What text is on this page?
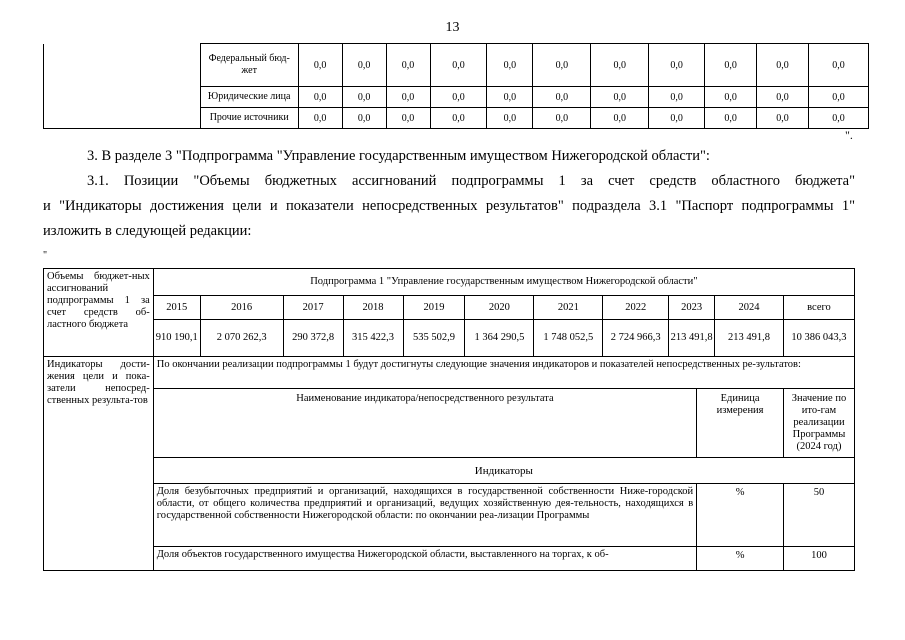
13
	Федеральный бюд-жет	0,0	0,0	0,0	0,0	0,0	0,0	0,0	0,0	0,0	0,0	0,0
	Юридические лица	0,0	0,0	0,0	0,0	0,0	0,0	0,0	0,0	0,0	0,0	0,0
	Прочие источники	0,0	0,0	0,0	0,0	0,0	0,0	0,0	0,0	0,0	0,0	0,0
".
3. В разделе 3 "Подпрограмма "Управление государственным имуществом Нижегородской области":
3.1. Позиции "Объемы бюджетных ассигнований подпрограммы 1 за счет средств областного бюджета"
и "Индикаторы достижения цели и показатели непосредственных результатов" подраздела 3.1 "Паспорт подпрограммы 1"
изложить в следующей редакции:
"
Объемы бюджет-ных ассигнований подпрограммы 1 за счет средств об-ластного бюджета	Подпрограмма 1 "Управление государственным имуществом Нижегородской области"											
	2015	2016	2017	2018	2019	2020	2021	2022	2023		2024	всего
	910 190,1	2 070 262,3	290 372,8	315 422,3	535 502,9	1 364 290,5	1 748 052,5	2 724 966,3	213 491,8		213 491,8	10 386 043,3
Индикаторы дости-жения цели и пока-затели непосред-ственных результа-тов	По окончании реализации подпрограммы 1 будут достигнуты следующие значения индикаторов и показателей непосредственных ре-зультатов:											
	Наименование индикатора/непосредственного результата									Единица измерения		Значение по ито-гам реализации Программы (2024 год)
	Индикаторы											
	Доля безубыточных предприятий и организаций, находящихся в государственной собственности Ниже-городской области, от общего количества предприятий и организаций, ведущих хозяйственную дея-тельность, находящихся в государственной собственности Нижегородской области: по окончании реа-лизации Программы									%		50
	Доля объектов государственного имущества Нижегородской области, выставленного на торгах, к об-									%		100
